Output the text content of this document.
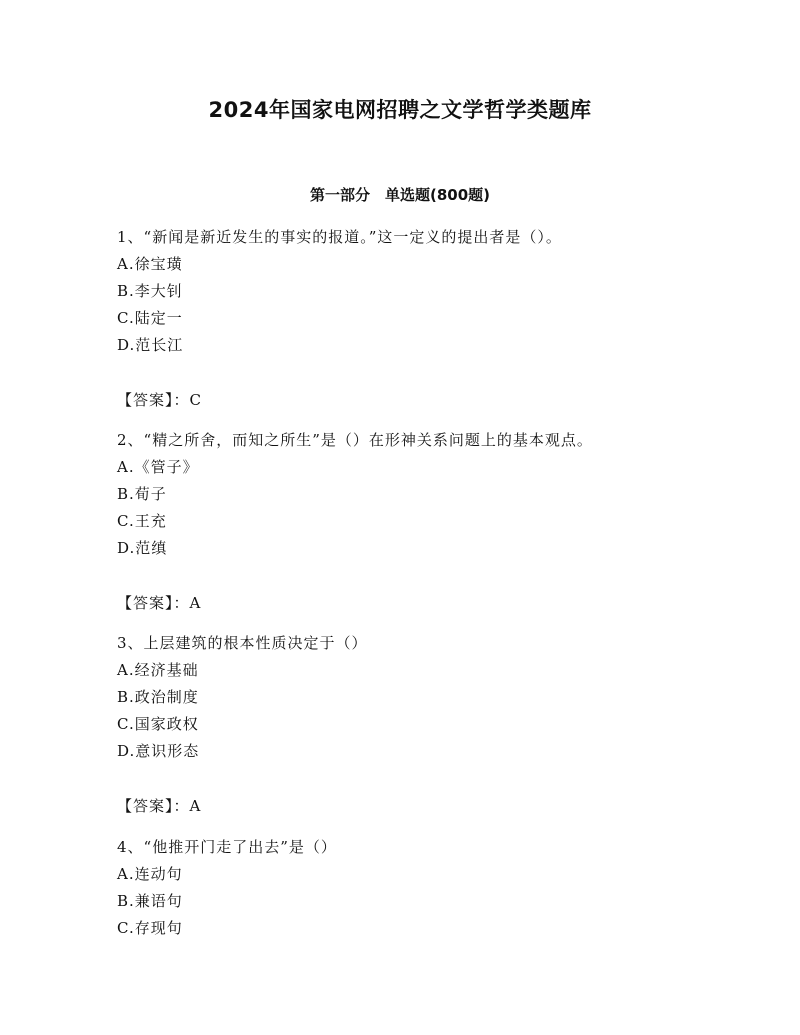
2024年国家电网招聘之文学哲学类题库
第一部分　单选题(800题)
1、“新闻是新近发生的事实的报道。”这一定义的提出者是（）。
A.徐宝璜
B.李大钊
C.陆定一
D.范长江
【答案】：C
2、“精之所舍，而知之所生”是（）在形神关系问题上的基本观点。
A.《管子》
B.荀子
C.王充
D.范缜
【答案】：A
3、上层建筑的根本性质决定于（）
A.经济基础
B.政治制度
C.国家政权
D.意识形态
【答案】：A
4、“他推开门走了出去”是（）
A.连动句
B.兼语句
C.存现句
